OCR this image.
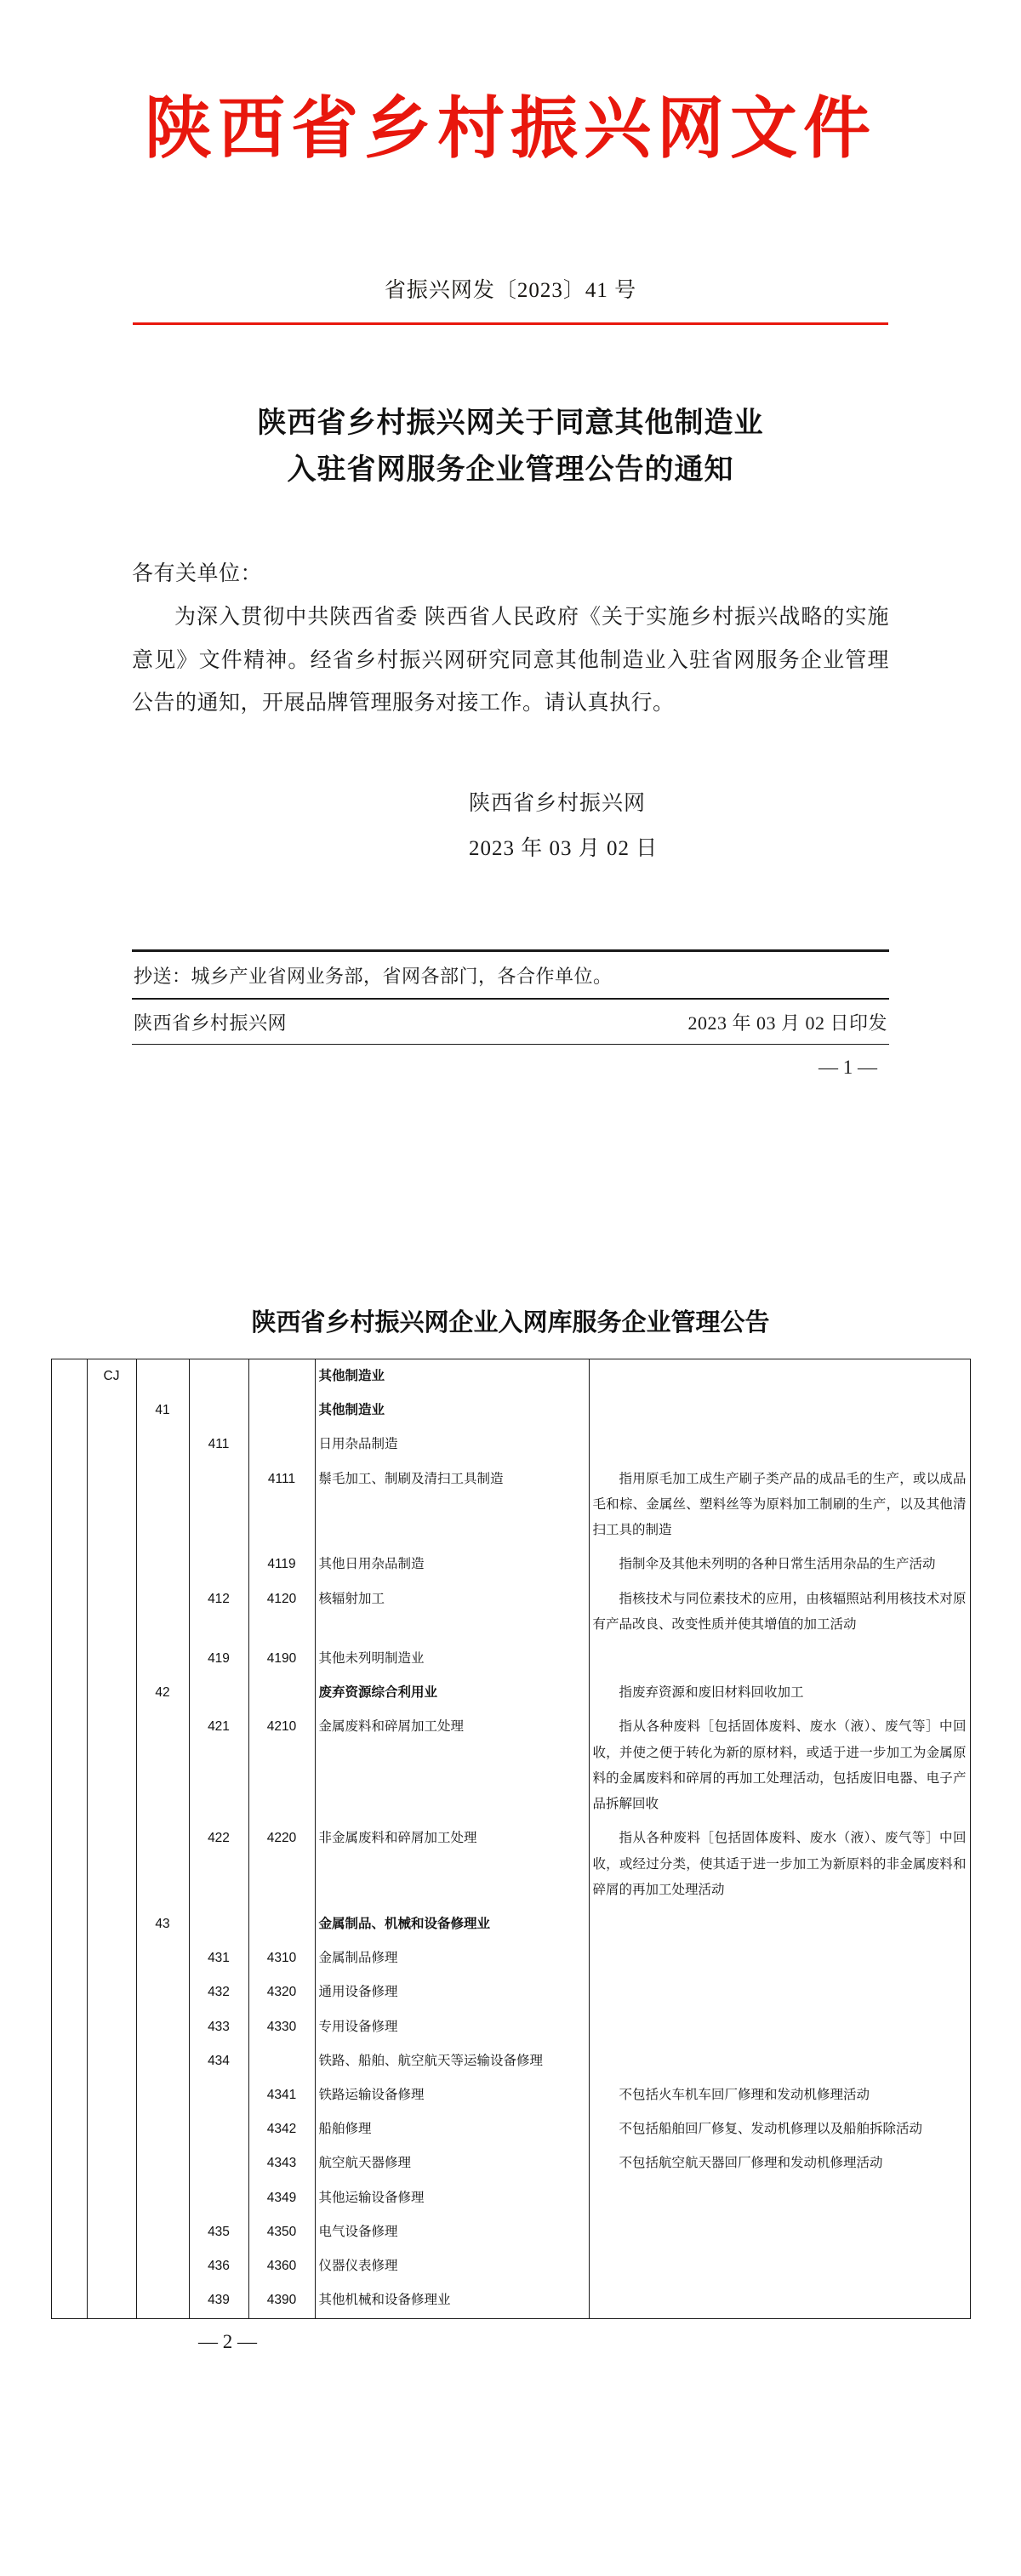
陕西省乡村振兴网文件
省振兴网发〔2023〕41 号
陕西省乡村振兴网关于同意其他制造业
入驻省网服务企业管理公告的通知

各有关单位：

为深入贯彻中共陕西省委 陕西省人民政府《关于实施乡村振兴战略的实施意见》文件精神。经省乡村振兴网研究同意其他制造业入驻省网服务企业管理公告的通知，开展品牌管理服务对接工作。请认真执行。

陕西省乡村振兴网
2023 年 03 月 02 日
抄送：城乡产业省网业务部，省网各部门，各合作单位。
陕西省乡村振兴网	2023 年 03 月 02 日印发
— 1 —
陕西省乡村振兴网企业入网库服务企业管理公告
	CJ				其他制造业	
		41			其他制造业	
			411		日用杂品制造	
				4111	鬃毛加工、制刷及清扫工具制造	指用原毛加工成生产刷子类产品的成品毛的生产，或以成品毛和棕、金属丝、塑料丝等为原料加工制刷的生产，以及其他清扫工具的制造
				4119	其他日用杂品制造	指制伞及其他未列明的各种日常生活用杂品的生产活动
			412	4120	核辐射加工	指核技术与同位素技术的应用，由核辐照站利用核技术对原有产品改良、改变性质并使其增值的加工活动
			419	4190	其他未列明制造业	
		42			废弃资源综合利用业	指废弃资源和废旧材料回收加工
			421	4210	金属废料和碎屑加工处理	指从各种废料［包括固体废料、废水（液）、废气等］中回收，并使之便于转化为新的原材料，或适于进一步加工为金属原料的金属废料和碎屑的再加工处理活动，包括废旧电器、电子产品拆解回收
			422	4220	非金属废料和碎屑加工处理	指从各种废料［包括固体废料、废水（液）、废气等］中回收，或经过分类，使其适于进一步加工为新原料的非金属废料和碎屑的再加工处理活动
		43			金属制品、机械和设备修理业	
			431	4310	金属制品修理	
			432	4320	通用设备修理	
			433	4330	专用设备修理	
			434		铁路、船舶、航空航天等运输设备修理	
				4341	铁路运输设备修理	不包括火车机车回厂修理和发动机修理活动
				4342	船舶修理	不包括船舶回厂修复、发动机修理以及船舶拆除活动
				4343	航空航天器修理	不包括航空航天器回厂修理和发动机修理活动
				4349	其他运输设备修理	
			435	4350	电气设备修理	
			436	4360	仪器仪表修理	
			439	4390	其他机械和设备修理业	
— 2 —
